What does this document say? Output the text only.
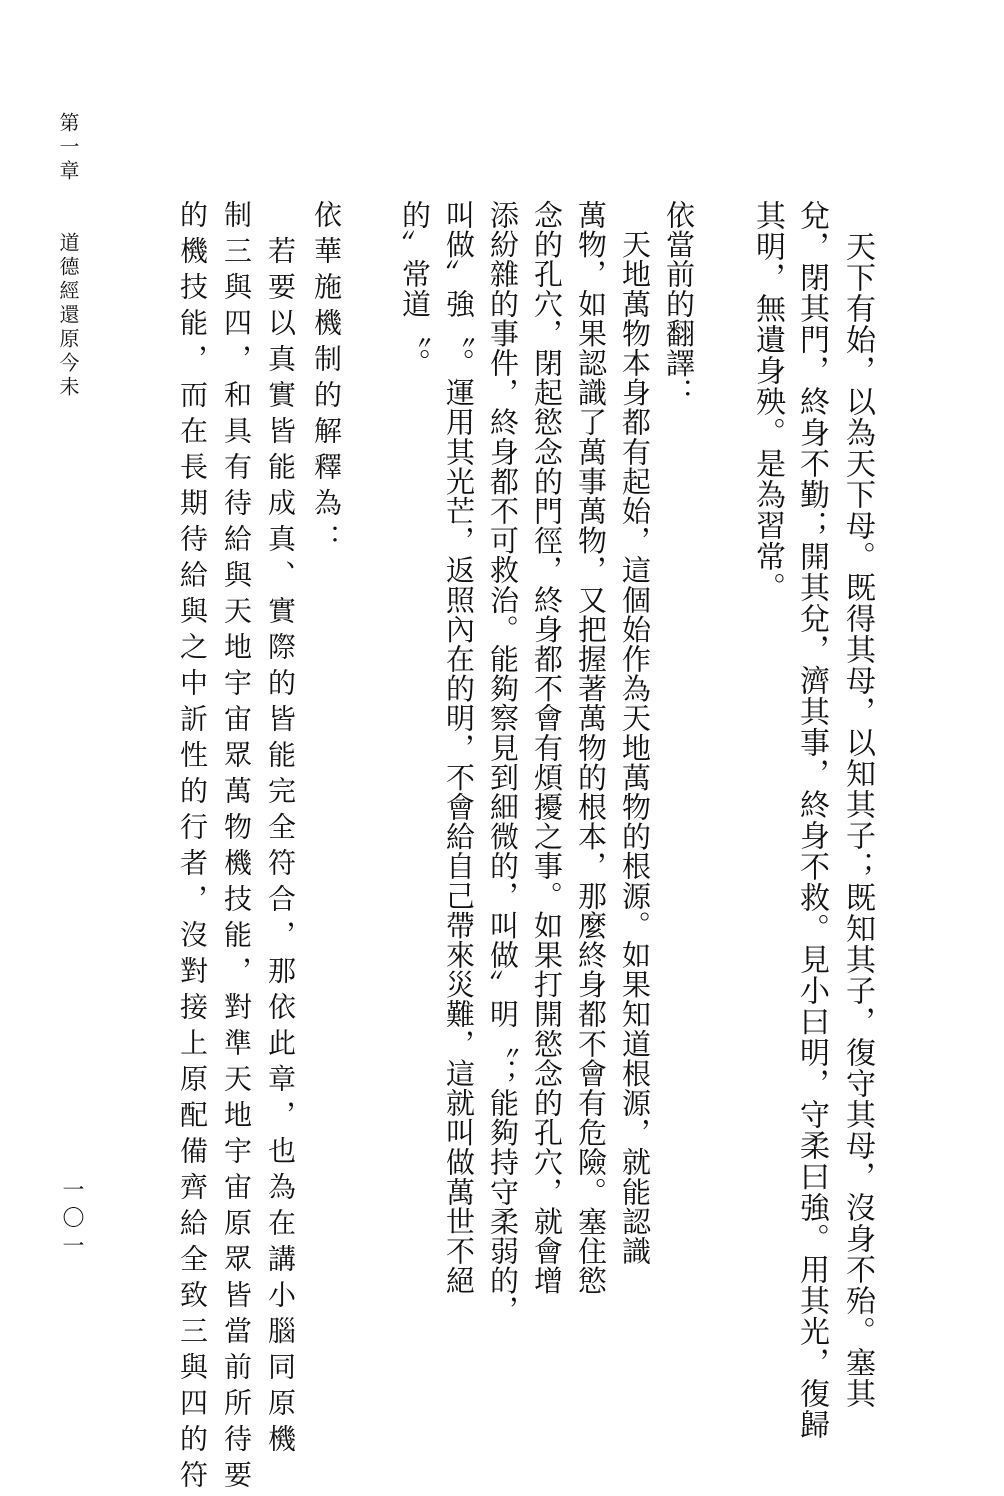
第一章　　道德經還原今未
一〇一	　天下有始，以為天下母。既得其母，以知其子；既知其子，復守其母，沒身不殆。塞其
兌，閉其門，終身不勤；開其兌，濟其事，終身不救。見小曰明，守柔曰強。用其光，復歸
其明，無遺身殃。是為習常。
依當前的翻譯：
　天地萬物本身都有起始，這個始作為天地萬物的根源。如果知道根源，就能認識
萬物，如果認識了萬事萬物，又把握著萬物的根本，那麼終身都不會有危險。塞住慾
念的孔穴，閉起慾念的門徑，終身都不會有煩擾之事。如果打開慾念的孔穴，就會增
添紛雜的事件，終身都不可救治。能夠察見到細微的，叫做〞明〝；能夠持守柔弱的，
叫做〞強〝。運用其光芒，返照內在的明，不會給自己帶來災難，這就叫做萬世不絕
的〞常道〝。
依華施機制的解釋為：
　若要以真實皆能成真、實際的皆能完全符合，那依此章，也為在講小腦同原機
制三與四，和具有待給與天地宇宙眾萬物機技能，對準天地宇宙原眾皆當前所待要
的機技能，而在長期待給與之中訢性的行者，沒對接上原配備齊給全致三與四的符
